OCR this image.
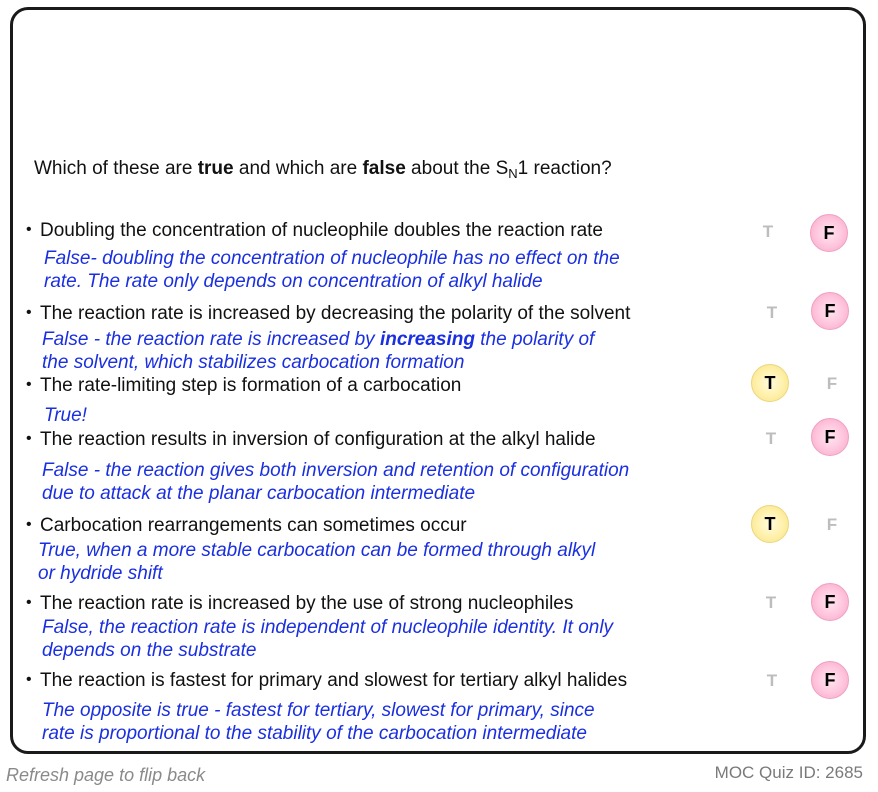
Which of these are true and which are false about the $S_N1$ reaction?
• Doubling the concentration of nucleophile doubles the reaction rate	T	F
False- doubling the concentration of nucleophile has no effect on the
rate. The rate only depends on concentration of alkyl halide
• The reaction rate is increased by decreasing the polarity of the solvent	T	F
False - the reaction rate is increased by increasing the polarity of
the solvent, which stabilizes carbocation formation
• The rate-limiting step is formation of a carbocation	T	F
True!
• The reaction results in inversion of configuration at the alkyl halide	T	F
False - the reaction gives both inversion and retention of configuration
due to attack at the planar carbocation intermediate
• Carbocation rearrangements can sometimes occur	T	F
True, when a more stable carbocation can be formed through alkyl
or hydride shift
• The reaction rate is increased by the use of strong nucleophiles	T	F
False, the reaction rate is independent of nucleophile identity. It only
depends on the substrate
• The reaction is fastest for primary and slowest for tertiary alkyl halides	T	F
The opposite is true - fastest for tertiary, slowest for primary, since
rate is proportional to the stability of the carbocation intermediate
Refresh page to flip back	MOC Quiz ID: 2685
